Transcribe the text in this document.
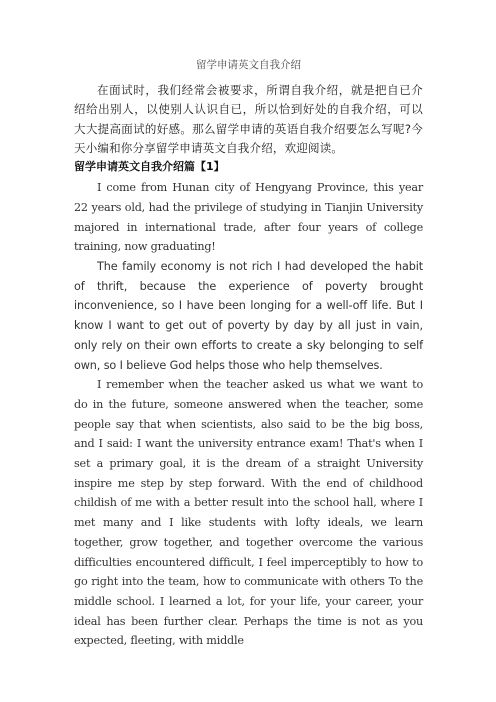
留学申请英文自我介绍

在面试时，我们经常会被要求，所谓自我介绍，就是把自已介绍给出别人，以使别人认识自已，所以恰到好处的自我介绍，可以大大提高面试的好感。那么留学申请的英语自我介绍要怎么写呢?今天小编和你分享留学申请英文自我介绍，欢迎阅读。

留学申请英文自我介绍篇【1】

I come from Hunan city of Hengyang Province, this year 22 years old, had the privilege of studying in Tianjin University majored in international trade, after four years of college training, now graduating!

The family economy is not rich I had developed the habit of thrift, because the experience of poverty brought inconvenience, so I have been longing for a well-off life. But I know I want to get out of poverty by day by all just in vain, only rely on their own efforts to create a sky belonging to self own, so I believe God helps those who help themselves.

I remember when the teacher asked us what we want to do in the future, someone answered when the teacher, some people say that when scientists, also said to be the big boss, and I said: I want the university entrance exam! That's when I set a primary goal, it is the dream of a straight University inspire me step by step forward. With the end of childhood childish of me with a better result into the school hall, where I met many and I like students with lofty ideals, we learn together, grow together, and together overcome the various difficulties encountered difficult, I feel imperceptibly to how to go right into the team, how to communicate with others To the middle school. I learned a lot, for your life, your career, your ideal has been further clear. Perhaps the time is not as you expected, fleeting, with middle
